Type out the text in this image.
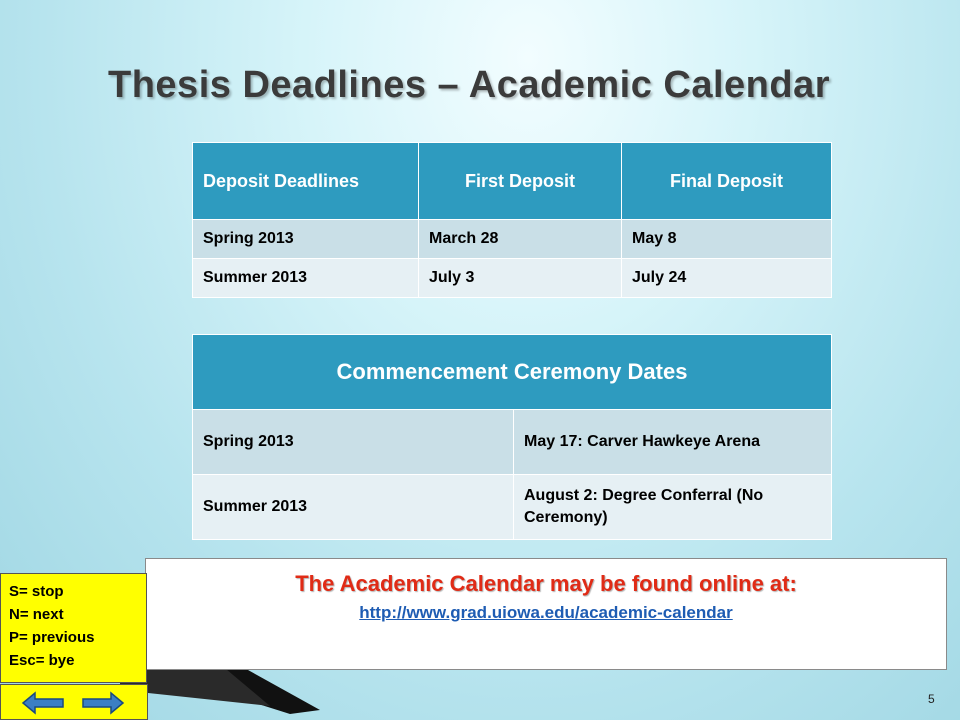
Thesis Deadlines – Academic Calendar
Deposit Deadlines	First Deposit	Final Deposit
Spring 2013	March 28	May 8
Summer 2013	July 3	July 24
Commencement Ceremony Dates	
Spring 2013	May 17: Carver Hawkeye Arena
Summer 2013	August 2: Degree Conferral (No Ceremony)
The Academic Calendar may be found online at:
http://www.grad.uiowa.edu/academic-calendar
S= stop
N= next
P= previous
Esc= bye
5
